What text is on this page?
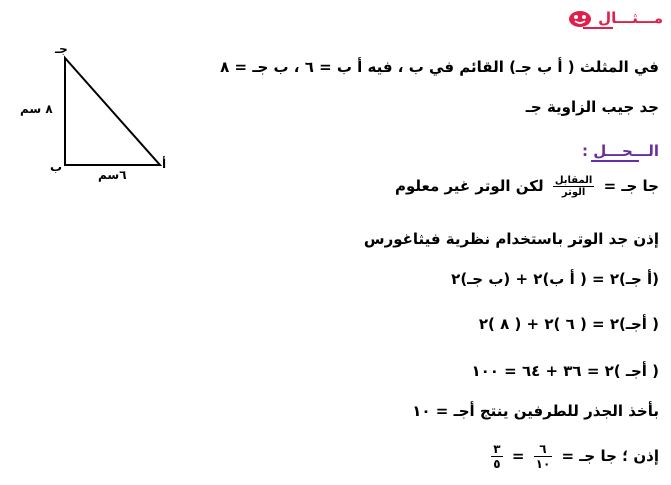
مـــثـــال
جـ
ب	أ
٨ سم
٦سم
في المثلث ( أ ب جـ) القائم في ب ، فيه أ ب = ٦ ، ب جـ = ٨
جد جيب الزاوية جـ
الـــحـــل :
جا جـ =
$\frac{\text{المقابل}}{\text{الوتر}}$
لكن الوتر غير معلوم
إذن جد الوتر باستخدام نظرية فيثاغورس
(أ جـ)٢ = ( أ ب)٢ + (ب جـ)٢
( أجـ)٢ = ( ٦ )٢ + ( ٨ )٢
( أجـ )٢ = ٣٦ + ٦٤ = ١٠٠
بأخذ الجذر للطرفين ينتج أجـ = ١٠
إذن ؛ جا جـ =
$\frac{٦}{١٠}$
=
$\frac{٣}{٥}$
